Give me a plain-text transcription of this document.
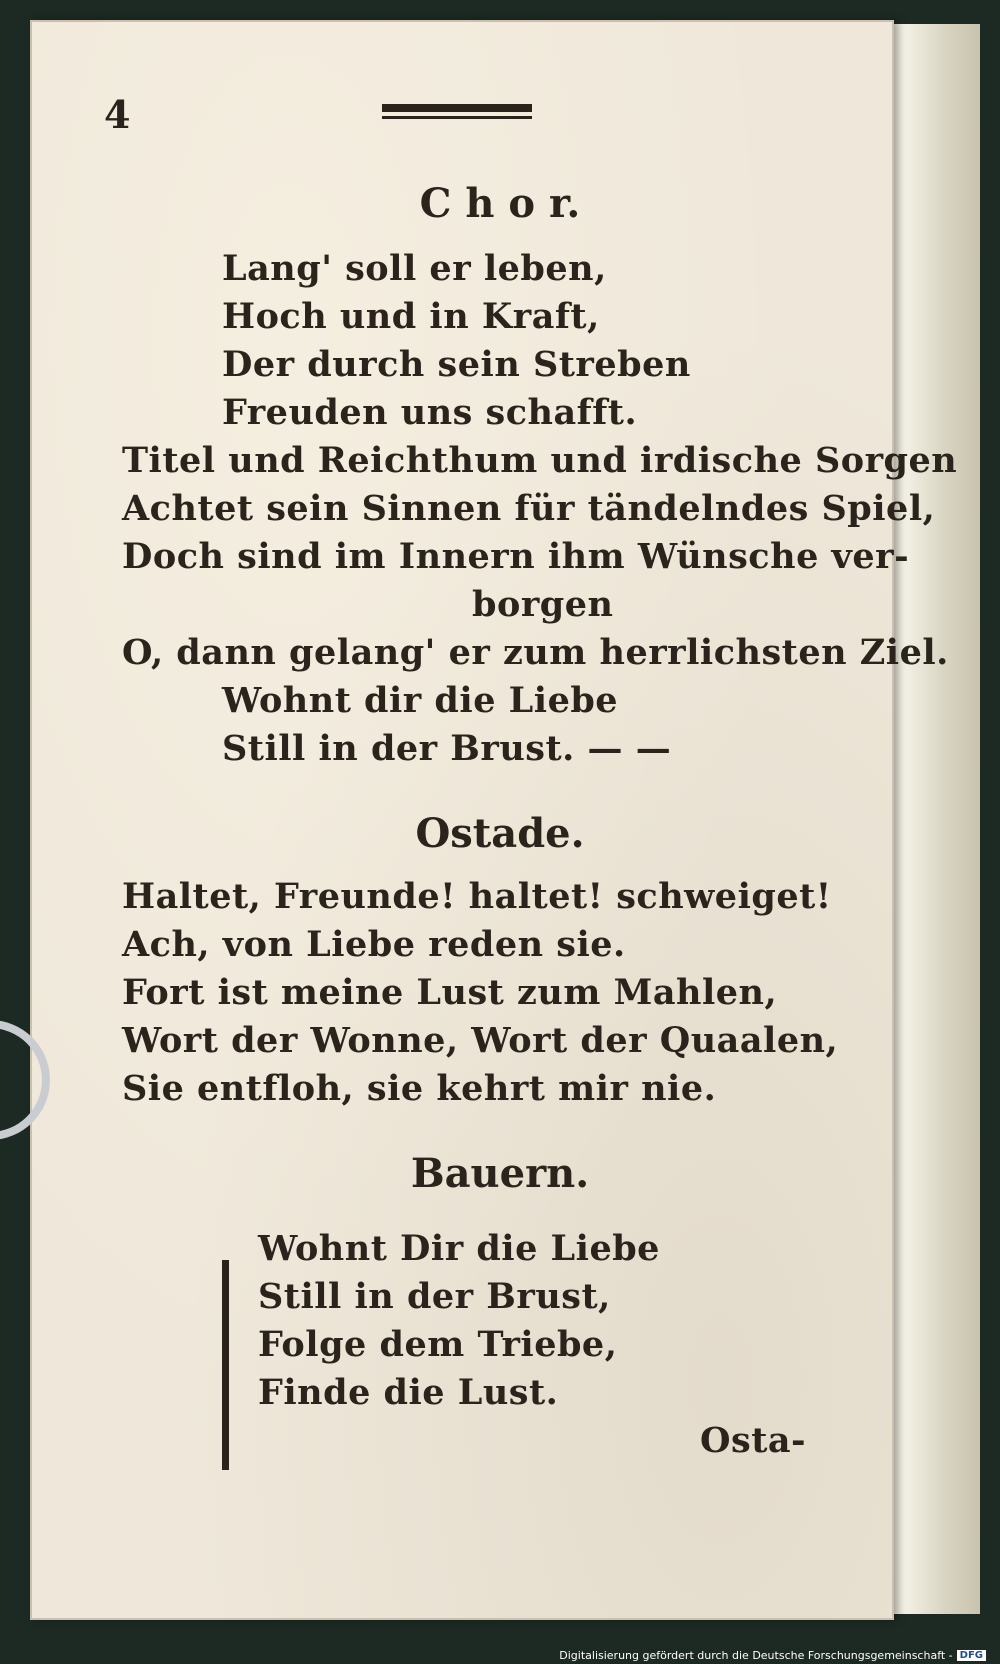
4
C h o r.
Lang' soll er leben,
Hoch und in Kraft,
Der durch sein Streben
Freuden uns schafft.
Titel und Reichthum und irdische Sorgen
Achtet sein Sinnen für tändelndes Spiel,
Doch sind im Innern ihm Wünsche ver-
borgen
O, dann gelang' er zum herrlichsten Ziel.
Wohnt dir die Liebe
Still in der Brust. — —
Ostade.
Haltet, Freunde! haltet! schweiget!
Ach, von Liebe reden sie.
Fort ist meine Lust zum Mahlen,
Wort der Wonne, Wort der Quaalen,
Sie entfloh, sie kehrt mir nie.
Bauern.
Wohnt Dir die Liebe
Still in der Brust,
Folge dem Triebe,
Finde die Lust.
Osta-
Digitalisierung gefördert durch die Deutsche Forschungsgemeinschaft - DFG
